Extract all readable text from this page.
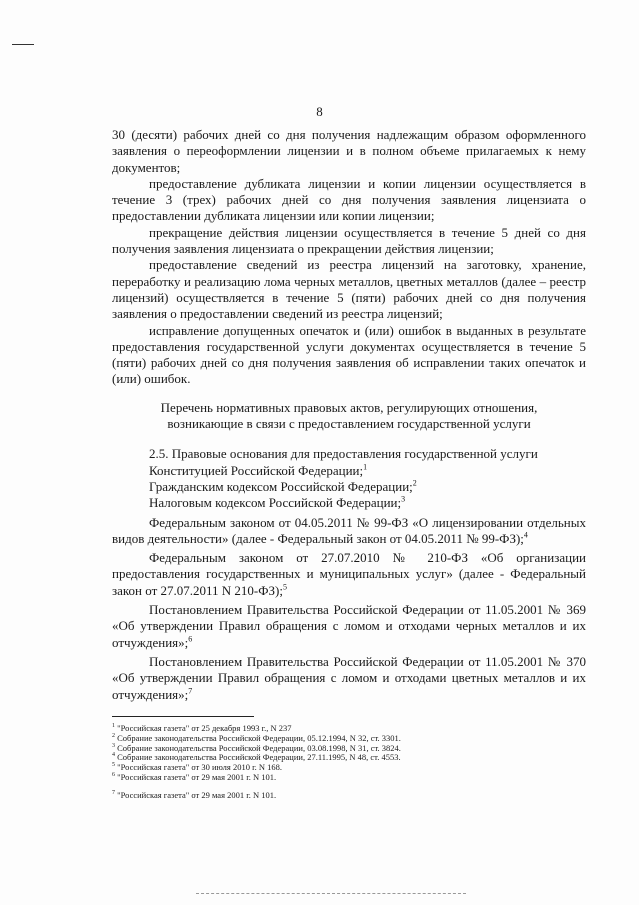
8

30 (десяти) рабочих дней со дня получения надлежащим образом оформленного заявления о переоформлении лицензии и в полном объеме прилагаемых к нему документов;

предоставление дубликата лицензии и копии лицензии осуществляется в течение 3 (трех) рабочих дней со дня получения заявления лицензиата о предоставлении дубликата лицензии или копии лицензии;

прекращение действия лицензии осуществляется в течение 5 дней со дня получения заявления лицензиата о прекращении действия лицензии;

предоставление сведений из реестра лицензий на заготовку, хранение, переработку и реализацию лома черных металлов, цветных металлов (далее – реестр лицензий) осуществляется в течение 5 (пяти) рабочих дней со дня получения заявления о предоставлении сведений из реестра лицензий;

исправление допущенных опечаток и (или) ошибок в выданных в результате предоставления государственной услуги документах осуществляется в течение 5 (пяти) рабочих дней со дня получения заявления об исправлении таких опечаток и (или) ошибок.

Перечень нормативных правовых актов, регулирующих отношения, возникающие в связи с предоставлением государственной услуги

2.5. Правовые основания для предоставления государственной услуги

Конституцией Российской Федерации;$^1$

Гражданским кодексом Российской Федерации;$^2$

Налоговым кодексом Российской Федерации;$^3$

Федеральным законом от 04.05.2011 № 99-ФЗ «О лицензировании отдельных видов деятельности» (далее - Федеральный закон от 04.05.2011 № 99-ФЗ);$^4$

Федеральным законом от 27.07.2010 № 210-ФЗ «Об организации предоставления государственных и муниципальных услуг» (далее - Федеральный закон от 27.07.2011 N 210-ФЗ);$^5$

Постановлением Правительства Российской Федерации от 11.05.2001 № 369 «Об утверждении Правил обращения с ломом и отходами черных металлов и их отчуждения»;$^6$

Постановлением Правительства Российской Федерации от 11.05.2001 № 370 «Об утверждении Правил обращения с ломом и отходами цветных металлов и их отчуждения»;$^7$

$^1$ "Российская газета" от 25 декабря 1993 г., N 237

$^2$ Собрание законодательства Российской Федерации, 05.12.1994, N 32, ст. 3301.

$^3$ Собрание законодательства Российской Федерации, 03.08.1998, N 31, ст. 3824.

$^4$ Собрание законодательства Российской Федерации, 27.11.1995, N 48, ст. 4553.

$^5$ "Российская газета" от 30 июля 2010 г. N 168.

$^6$ "Российская газета" от 29 мая 2001 г. N 101.

$^7$ "Российская газета" от 29 мая 2001 г. N 101.
